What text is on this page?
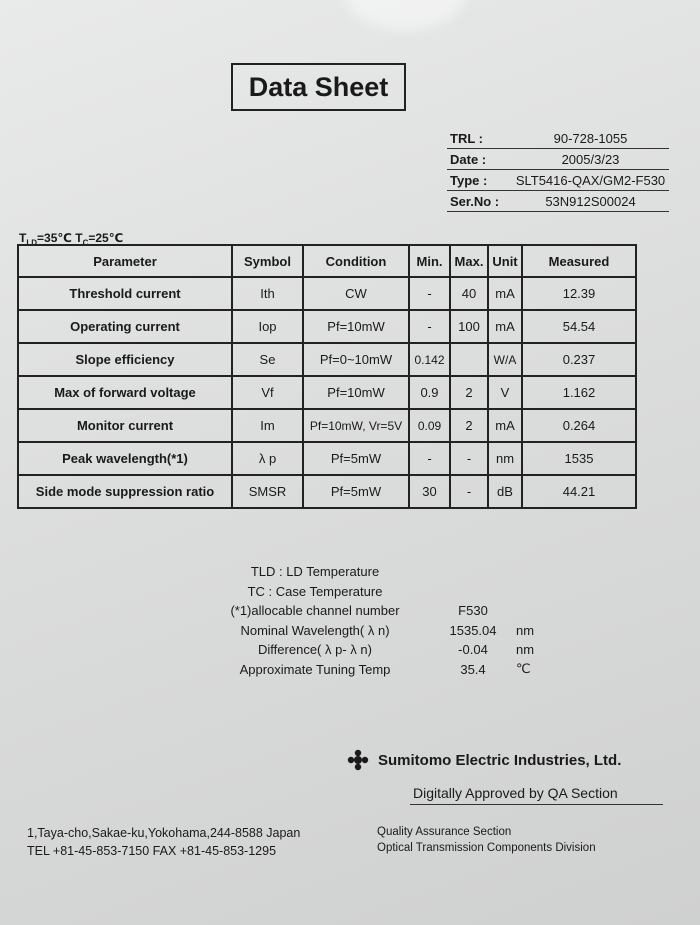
Data Sheet
TRL :	90-728-1055
Date :	2005/3/23
Type :	SLT5416-QAX/GM2-F530
Ser.No :	53N912S00024
$T_{LD}=35℃$ $T_C=25℃$
Parameter	Symbol	Condition	Min.	Max.	Unit	Measured
Threshold current	Ith	CW	-	40	mA	12.39
Operating current	Iop	Pf=10mW	-	100	mA	54.54
Slope efficiency	Se	Pf=0~10mW	0.142		W/A	0.237
Max of forward voltage	Vf	Pf=10mW	0.9	2	V	1.162
Monitor current	Im	Pf=10mW, Vr=5V	0.09	2	mA	0.264
Peak wavelength(*1)	λ p	Pf=5mW	-	-	nm	1535
Side mode suppression ratio	SMSR	Pf=5mW	30	-	dB	44.21
TLD : LD Temperature
TC : Case Temperature
(*1)allocable channel number	F530
Nominal Wavelength( λ n)	1535.04	nm
Difference( λ p- λ n)	-0.04	nm
Approximate Tuning Temp	35.4	℃
Sumitomo Electric Industries, Ltd.
Digitally Approved by QA Section
1,Taya-cho,Sakae-ku,Yokohama,244-8588 Japan
TEL +81-45-853-7150 FAX +81-45-853-1295
Quality Assurance Section
Optical Transmission Components Division
